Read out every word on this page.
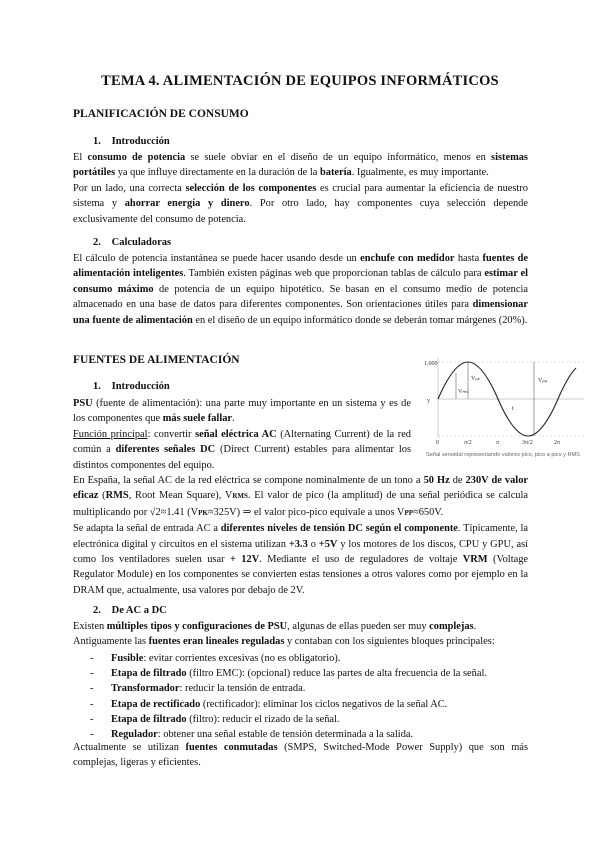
TEMA 4. ALIMENTACIÓN DE EQUIPOS INFORMÁTICOS
PLANIFICACIÓN DE CONSUMO
1. Introducción

El consumo de potencia se suele obviar en el diseño de un equipo informático, menos en sistemas portátiles ya que influye directamente en la duración de la batería. Igualmente, es muy importante.

Por un lado, una correcta selección de los componentes es crucial para aumentar la eficiencia de nuestro sistema y ahorrar energía y dinero. Por otro lado, hay componentes cuya selección depende exclusivamente del consumo de potencia.

2. Calculadoras

El cálculo de potencia instantánea se puede hacer usando desde un enchufe con medidor hasta fuentes de alimentación inteligentes. También existen páginas web que proporcionan tablas de cálculo para estimar el consumo máximo de potencia de un equipo hipotético. Se basan en el consumo medio de potencia almacenado en una base de datos para diferentes componentes. Son orientaciones útiles para dimensionar una fuente de alimentación en el diseño de un equipo informático donde se deberán tomar márgenes (20%).

FUENTES DE ALIMENTACIÓN
1. Introducción

PSU (fuente de alimentación): una parte muy importante en un sistema y es de los componentes que más suele fallar.

Función principal: convertir señal eléctrica AC (Alternating Current) de la red común a diferentes señales DC (Direct Current) estables para alimentar los distintos componentes del equipo.

1.000
y
Vₚₖ
Vₘₛ
Vₚₚ
t
0	π/2	π	3π/2	2π
Señal senoidal representando valores pico, pico a pico y RMS

En España, la señal AC de la red eléctrica se compone nominalmente de un tono a 50 Hz de 230V de valor eficaz (RMS, Root Mean Square), VRMS. El valor de pico (la amplitud) de una señal periódica se calcula multiplicando por √2≈1.41 (VPK≈325V) ⇒ el valor pico-pico equivale a unos VPP≈650V.

Se adapta la señal de entrada AC a diferentes niveles de tensión DC según el componente. Típicamente, la electrónica digital y circuitos en el sistema utilizan +3.3 o +5V y los motores de los discos, CPU y GPU, así como los ventiladores suelen usar + 12V. Mediante el uso de reguladores de voltaje VRM (Voltage Regulator Module) en los componentes se convierten estas tensiones a otros valores como por ejemplo en la DRAM que, actualmente, usa valores por debajo de 2V.

2. De AC a DC

Existen múltiples tipos y configuraciones de PSU, algunas de ellas pueden ser muy complejas.

Antiguamente las fuentes eran lineales reguladas y contaban con los siguientes bloques principales:

- Fusible: evitar corrientes excesivas (no es obligatorio).
- Etapa de filtrado (filtro EMC): (opcional) reduce las partes de alta frecuencia de la señal.
- Transformador: reducir la tensión de entrada.
- Etapa de rectificado (rectificador): eliminar los ciclos negativos de la señal AC.
- Etapa de filtrado (filtro): reducir el rizado de la señal.
- Regulador: obtener una señal estable de tensión determinada a la salida.

Actualmente se utilizan fuentes conmutadas (SMPS, Switched-Mode Power Supply) que son más complejas, ligeras y eficientes.
